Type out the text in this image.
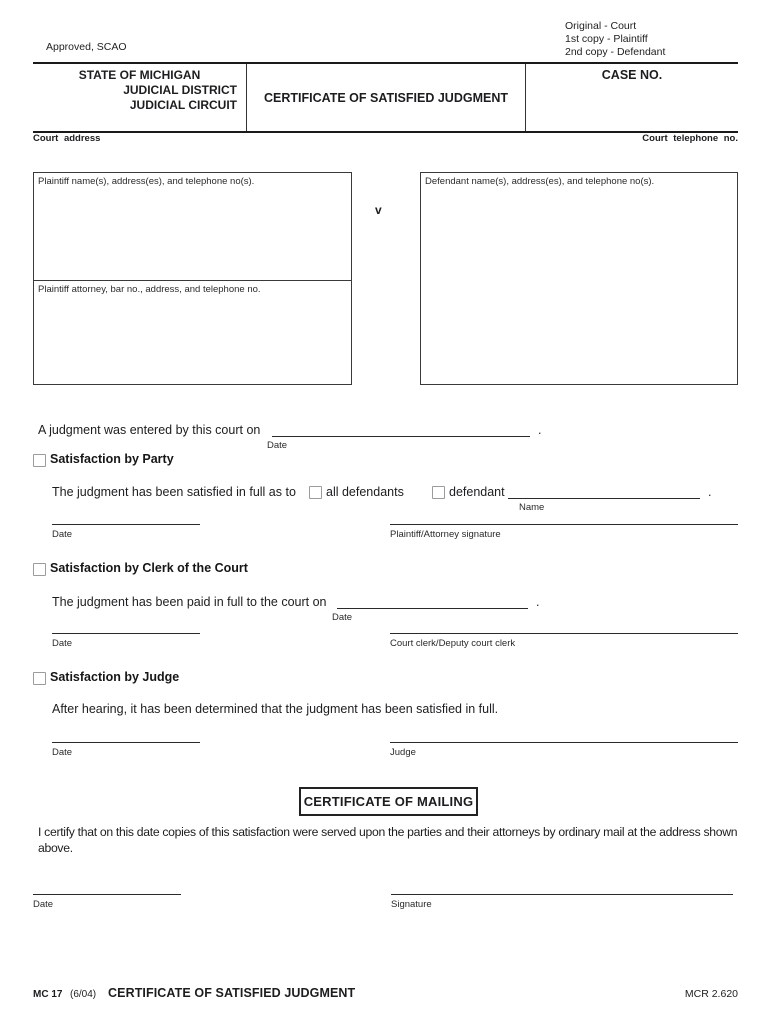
Approved, SCAO
Original - Court
1st copy - Plaintiff
2nd copy - Defendant
STATE OF MICHIGAN
JUDICIAL DISTRICT
JUDICIAL CIRCUIT
CERTIFICATE OF SATISFIED JUDGMENT
CASE NO.
Court address	Court telephone no.
Plaintiff name(s), address(es), and telephone no(s).
Plaintiff attorney, bar no., address, and telephone no.
v
Defendant name(s), address(es), and telephone no(s).
A judgment was entered by this court on	.
Date
Satisfaction by Party
The judgment has been satisfied in full as to all defendants	defendant	.
Name
Date	Plaintiff/Attorney signature
Satisfaction by Clerk of the Court
The judgment has been paid in full to the court on	.
Date
Date	Court clerk/Deputy court clerk
Satisfaction by Judge
After hearing, it has been determined that the judgment has been satisfied in full.
Date	Judge
CERTIFICATE OF MAILING
I certify that on this date copies of this satisfaction were served upon the parties and their attorneys by ordinary mail at the address shown above.
Date	Signature
MC 17 (6/04) CERTIFICATE OF SATISFIED JUDGMENT	MCR 2.620
